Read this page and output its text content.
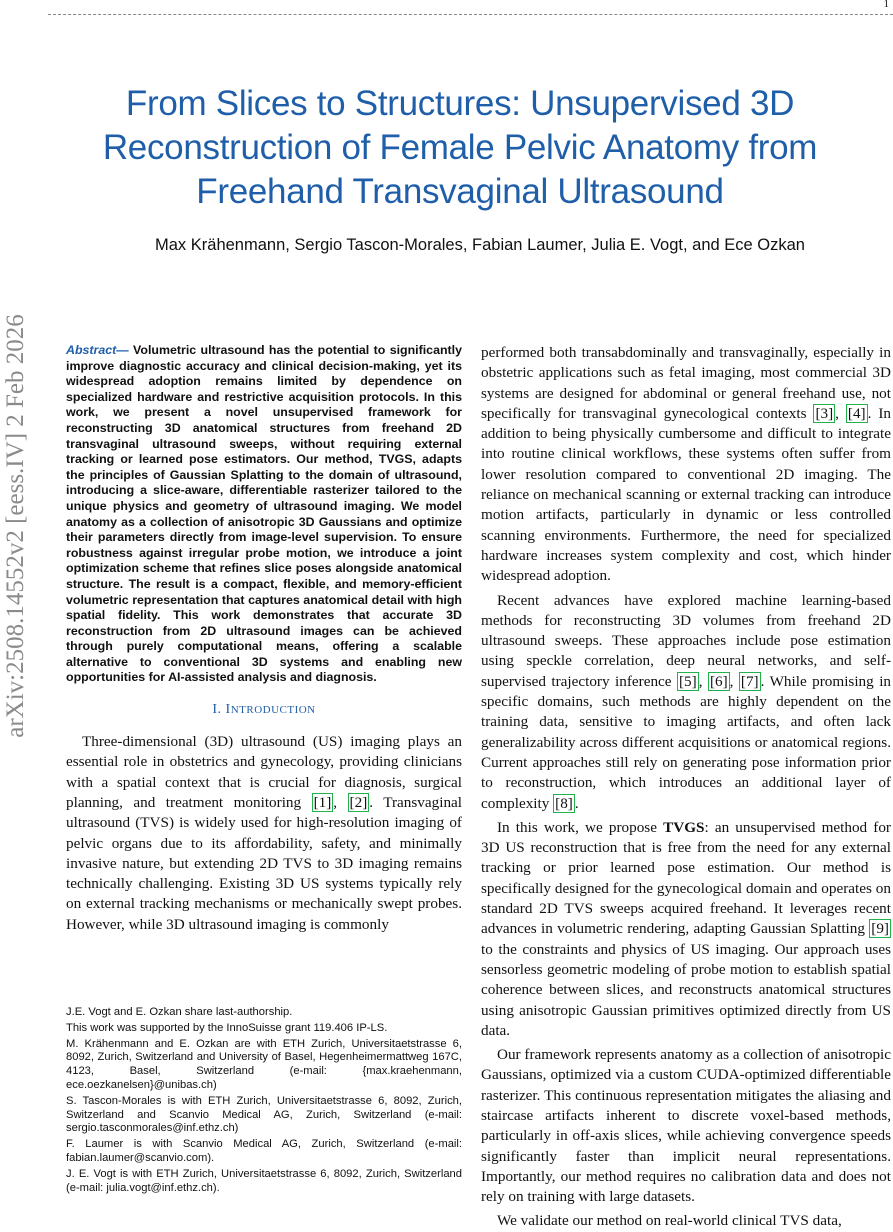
1
From Slices to Structures: Unsupervised 3D Reconstruction of Female Pelvic Anatomy from Freehand Transvaginal Ultrasound
Max Krähenmann, Sergio Tascon-Morales, Fabian Laumer, Julia E. Vogt, and Ece Ozkan
arXiv:2508.14552v2 [eess.IV] 2 Feb 2026	Abstract— Volumetric ultrasound has the potential to significantly improve diagnostic accuracy and clinical decision-making, yet its widespread adoption remains limited by dependence on specialized hardware and restrictive acquisition protocols. In this work, we present a novel unsupervised framework for reconstructing 3D anatomical structures from freehand 2D transvaginal ultrasound sweeps, without requiring external tracking or learned pose estimators. Our method, TVGS, adapts the principles of Gaussian Splatting to the domain of ultrasound, introducing a slice-aware, differentiable rasterizer tailored to the unique physics and geometry of ultrasound imaging. We model anatomy as a collection of anisotropic 3D Gaussians and optimize their parameters directly from image-level supervision. To ensure robustness against irregular probe motion, we introduce a joint optimization scheme that refines slice poses alongside anatomical structure. The result is a compact, flexible, and memory-efficient volumetric representation that captures anatomical detail with high spatial fidelity. This work demonstrates that accurate 3D reconstruction from 2D ultrasound images can be achieved through purely computational means, offering a scalable alternative to conventional 3D systems and enabling new opportunities for AI-assisted analysis and diagnosis.

I. INTRODUCTION

Three-dimensional (3D) ultrasound (US) imaging plays an essential role in obstetrics and gynecology, providing clinicians with a spatial context that is crucial for diagnosis, surgical planning, and treatment monitoring [1] , [2] . Transvaginal ultrasound (TVS) is widely used for high-resolution imaging of pelvic organs due to its affordability, safety, and minimally invasive nature, but extending 2D TVS to 3D imaging remains technically challenging. Existing 3D US systems typically rely on external tracking mechanisms or mechanically swept probes. However, while 3D ultrasound imaging is commonly

J.E. Vogt and E. Ozkan share last-authorship.

This work was supported by the InnoSuisse grant 119.406 IP-LS.

M. Krähenmann and E. Ozkan are with ETH Zurich, Universitaetstrasse 6, 8092, Zurich, Switzerland and University of Basel, Hegenheimermattweg 167C, 4123, Basel, Switzerland (e-mail: {max.kraehenmann, ece.oezkanelsen}@unibas.ch)

S. Tascon-Morales is with ETH Zurich, Universitaetstrasse 6, 8092, Zurich, Switzerland and Scanvio Medical AG, Zurich, Switzerland (e-mail: sergio.tasconmorales@inf.ethz.ch)

F. Laumer is with Scanvio Medical AG, Zurich, Switzerland (e-mail: fabian.laumer@scanvio.com).

J. E. Vogt is with ETH Zurich, Universitaetstrasse 6, 8092, Zurich, Switzerland (e-mail: julia.vogt@inf.ethz.ch).

performed both transabdominally and transvaginally, especially in obstetric applications such as fetal imaging, most commercial 3D systems are designed for abdominal or general freehand use, not specifically for transvaginal gynecological contexts [3] , [4] . In addition to being physically cumbersome and difficult to integrate into routine clinical workflows, these systems often suffer from lower resolution compared to conventional 2D imaging. The reliance on mechanical scanning or external tracking can introduce motion artifacts, particularly in dynamic or less controlled scanning environments. Furthermore, the need for specialized hardware increases system complexity and cost, which hinder widespread adoption.

Recent advances have explored machine learning-based methods for reconstructing 3D volumes from freehand 2D ultrasound sweeps. These approaches include pose estimation using speckle correlation, deep neural networks, and self-supervised trajectory inference [5] , [6] , [7] . While promising in specific domains, such methods are highly dependent on the training data, sensitive to imaging artifacts, and often lack generalizability across different acquisitions or anatomical regions. Current approaches still rely on generating pose information prior to reconstruction, which introduces an additional layer of complexity [8] .

In this work, we propose TVGS: an unsupervised method for 3D US reconstruction that is free from the need for any external tracking or prior learned pose estimation. Our method is specifically designed for the gynecological domain and operates on standard 2D TVS sweeps acquired freehand. It leverages recent advances in volumetric rendering, adapting Gaussian Splatting [9] to the constraints and physics of US imaging. Our approach uses sensorless geometric modeling of probe motion to establish spatial coherence between slices, and reconstructs anatomical structures using anisotropic Gaussian primitives optimized directly from US data.

Our framework represents anatomy as a collection of anisotropic Gaussians, optimized via a custom CUDA-optimized differentiable rasterizer. This continuous representation mitigates the aliasing and staircase artifacts inherent to discrete voxel-based methods, particularly in off-axis slices, while achieving convergence speeds significantly faster than implicit neural representations. Importantly, our method requires no calibration data and does not rely on training with large datasets.

We validate our method on real-world clinical TVS data,
